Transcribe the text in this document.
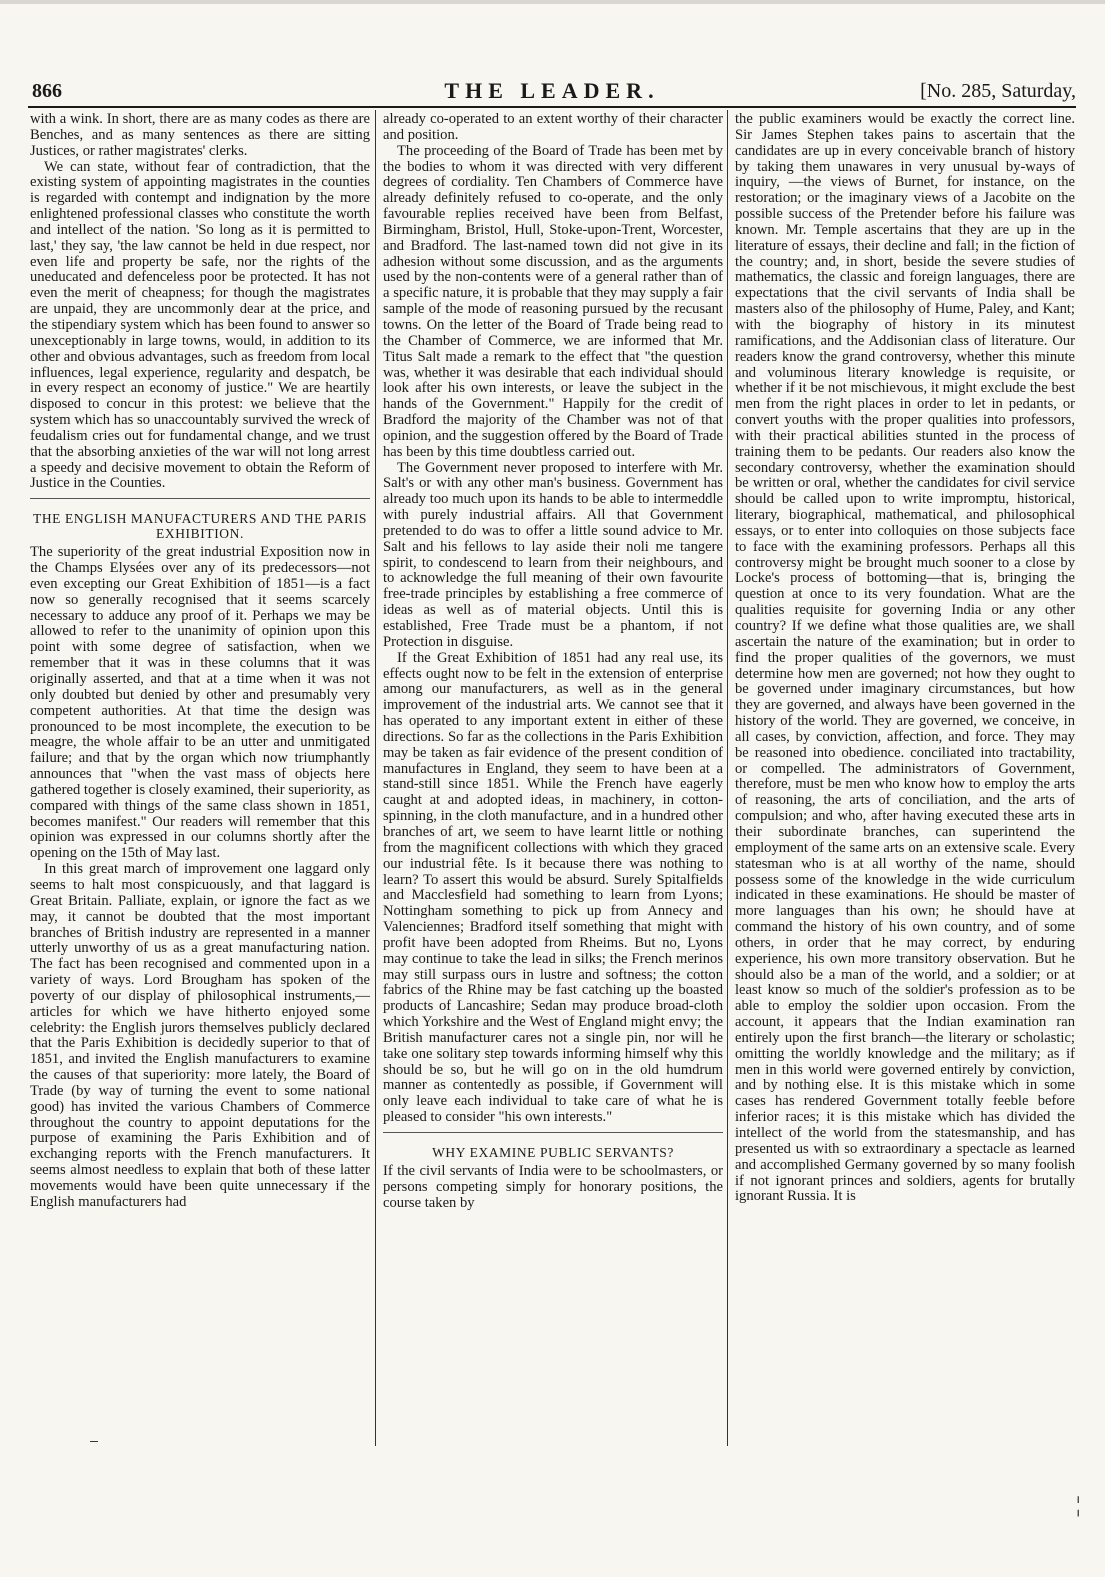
866	THE LEADER.	[No. 285, Saturday,

with a wink. In short, there are as many codes as there are Benches, and as many sentences as there are sitting Justices, or rather magistrates' clerks.

We can state, without fear of contradiction, that the existing system of appointing magistrates in the counties is regarded with contempt and indignation by the more enlightened professional classes who constitute the worth and intellect of the nation. 'So long as it is permitted to last,' they say, 'the law cannot be held in due respect, nor even life and property be safe, nor the rights of the uneducated and defenceless poor be protected. It has not even the merit of cheapness; for though the magistrates are unpaid, they are uncommonly dear at the price, and the stipendiary system which has been found to answer so unexceptionably in large towns, would, in addition to its other and obvious advantages, such as freedom from local influences, legal experience, regularity and despatch, be in every respect an economy of justice." We are heartily disposed to concur in this protest: we believe that the system which has so unaccountably survived the wreck of feudalism cries out for fundamental change, and we trust that the absorbing anxieties of the war will not long arrest a speedy and decisive movement to obtain the Reform of Justice in the Counties.

THE ENGLISH MANUFACTURERS AND THE PARIS EXHIBITION.

The superiority of the great industrial Exposition now in the Champs Elysées over any of its predecessors—not even excepting our Great Exhibition of 1851—is a fact now so generally recognised that it seems scarcely necessary to adduce any proof of it. Perhaps we may be allowed to refer to the unanimity of opinion upon this point with some degree of satisfaction, when we remember that it was in these columns that it was originally asserted, and that at a time when it was not only doubted but denied by other and presumably very competent authorities. At that time the design was pronounced to be most incomplete, the execution to be meagre, the whole affair to be an utter and unmitigated failure; and that by the organ which now triumphantly announces that "when the vast mass of objects here gathered together is closely examined, their superiority, as compared with things of the same class shown in 1851, becomes manifest." Our readers will remember that this opinion was expressed in our columns shortly after the opening on the 15th of May last.

In this great march of improvement one laggard only seems to halt most conspicuously, and that laggard is Great Britain. Palliate, explain, or ignore the fact as we may, it cannot be doubted that the most important branches of British industry are represented in a manner utterly unworthy of us as a great manufacturing nation. The fact has been recognised and commented upon in a variety of ways. Lord Brougham has spoken of the poverty of our display of philosophical instruments,—articles for which we have hitherto enjoyed some celebrity: the English jurors themselves publicly declared that the Paris Exhibition is decidedly superior to that of 1851, and invited the English manufacturers to examine the causes of that superiority: more lately, the Board of Trade (by way of turning the event to some national good) has invited the various Chambers of Commerce throughout the country to appoint deputations for the purpose of examining the Paris Exhibition and of exchanging reports with the French manufacturers. It seems almost needless to explain that both of these latter movements would have been quite unnecessary if the English manufacturers had

already co-operated to an extent worthy of their character and position.

The proceeding of the Board of Trade has been met by the bodies to whom it was directed with very different degrees of cordiality. Ten Chambers of Commerce have already definitely refused to co-operate, and the only favourable replies received have been from Belfast, Birmingham, Bristol, Hull, Stoke-upon-Trent, Worcester, and Bradford. The last-named town did not give in its adhesion without some discussion, and as the arguments used by the non-contents were of a general rather than of a specific nature, it is probable that they may supply a fair sample of the mode of reasoning pursued by the recusant towns. On the letter of the Board of Trade being read to the Chamber of Commerce, we are informed that Mr. Titus Salt made a remark to the effect that "the question was, whether it was desirable that each individual should look after his own interests, or leave the subject in the hands of the Government." Happily for the credit of Bradford the majority of the Chamber was not of that opinion, and the suggestion offered by the Board of Trade has been by this time doubtless carried out.

The Government never proposed to interfere with Mr. Salt's or with any other man's business. Government has already too much upon its hands to be able to intermeddle with purely industrial affairs. All that Government pretended to do was to offer a little sound advice to Mr. Salt and his fellows to lay aside their noli me tangere spirit, to condescend to learn from their neighbours, and to acknowledge the full meaning of their own favourite free-trade principles by establishing a free commerce of ideas as well as of material objects. Until this is established, Free Trade must be a phantom, if not Protection in disguise.

If the Great Exhibition of 1851 had any real use, its effects ought now to be felt in the extension of enterprise among our manufacturers, as well as in the general improvement of the industrial arts. We cannot see that it has operated to any important extent in either of these directions. So far as the collections in the Paris Exhibition may be taken as fair evidence of the present condition of manufactures in England, they seem to have been at a stand-still since 1851. While the French have eagerly caught at and adopted ideas, in machinery, in cotton-spinning, in the cloth manufacture, and in a hundred other branches of art, we seem to have learnt little or nothing from the magnificent collections with which they graced our industrial fête. Is it because there was nothing to learn? To assert this would be absurd. Surely Spitalfields and Macclesfield had something to learn from Lyons; Nottingham something to pick up from Annecy and Valenciennes; Bradford itself something that might with profit have been adopted from Rheims. But no, Lyons may continue to take the lead in silks; the French merinos may still surpass ours in lustre and softness; the cotton fabrics of the Rhine may be fast catching up the boasted products of Lancashire; Sedan may produce broad-cloth which Yorkshire and the West of England might envy; the British manufacturer cares not a single pin, nor will he take one solitary step towards informing himself why this should be so, but he will go on in the old humdrum manner as contentedly as possible, if Government will only leave each individual to take care of what he is pleased to consider "his own interests."

WHY EXAMINE PUBLIC SERVANTS?

If the civil servants of India were to be schoolmasters, or persons competing simply for honorary positions, the course taken by

the public examiners would be exactly the correct line. Sir James Stephen takes pains to ascertain that the candidates are up in every conceivable branch of history by taking them unawares in very unusual by-ways of inquiry, —the views of Burnet, for instance, on the restoration; or the imaginary views of a Jacobite on the possible success of the Pretender before his failure was known. Mr. Temple ascertains that they are up in the literature of essays, their decline and fall; in the fiction of the country; and, in short, beside the severe studies of mathematics, the classic and foreign languages, there are expectations that the civil servants of India shall be masters also of the philosophy of Hume, Paley, and Kant; with the biography of history in its minutest ramifications, and the Addisonian class of literature. Our readers know the grand controversy, whether this minute and voluminous literary knowledge is requisite, or whether if it be not mischievous, it might exclude the best men from the right places in order to let in pedants, or convert youths with the proper qualities into professors, with their practical abilities stunted in the process of training them to be pedants. Our readers also know the secondary controversy, whether the examination should be written or oral, whether the candidates for civil service should be called upon to write impromptu, historical, literary, biographical, mathematical, and philosophical essays, or to enter into colloquies on those subjects face to face with the examining professors. Perhaps all this controversy might be brought much sooner to a close by Locke's process of bottoming—that is, bringing the question at once to its very foundation. What are the qualities requisite for governing India or any other country? If we define what those qualities are, we shall ascertain the nature of the examination; but in order to find the proper qualities of the governors, we must determine how men are governed; not how they ought to be governed under imaginary circumstances, but how they are governed, and always have been governed in the history of the world. They are governed, we conceive, in all cases, by conviction, affection, and force. They may be reasoned into obedience. conciliated into tractability, or compelled. The administrators of Government, therefore, must be men who know how to employ the arts of reasoning, the arts of conciliation, and the arts of compulsion; and who, after having executed these arts in their subordinate branches, can superintend the employment of the same arts on an extensive scale. Every statesman who is at all worthy of the name, should possess some of the knowledge in the wide curriculum indicated in these examinations. He should be master of more languages than his own; he should have at command the history of his own country, and of some others, in order that he may correct, by enduring experience, his own more transitory observation. But he should also be a man of the world, and a soldier; or at least know so much of the soldier's profession as to be able to employ the soldier upon occasion. From the account, it appears that the Indian examination ran entirely upon the first branch—the literary or scholastic; omitting the worldly knowledge and the military; as if men in this world were governed entirely by conviction, and by nothing else. It is this mistake which in some cases has rendered Government totally feeble before inferior races; it is this mistake which has divided the intellect of the world from the statesmanship, and has presented us with so extraordinary a spectacle as learned and accomplished Germany governed by so many foolish if not ignorant princes and soldiers, agents for brutally ignorant Russia. It is

¦
